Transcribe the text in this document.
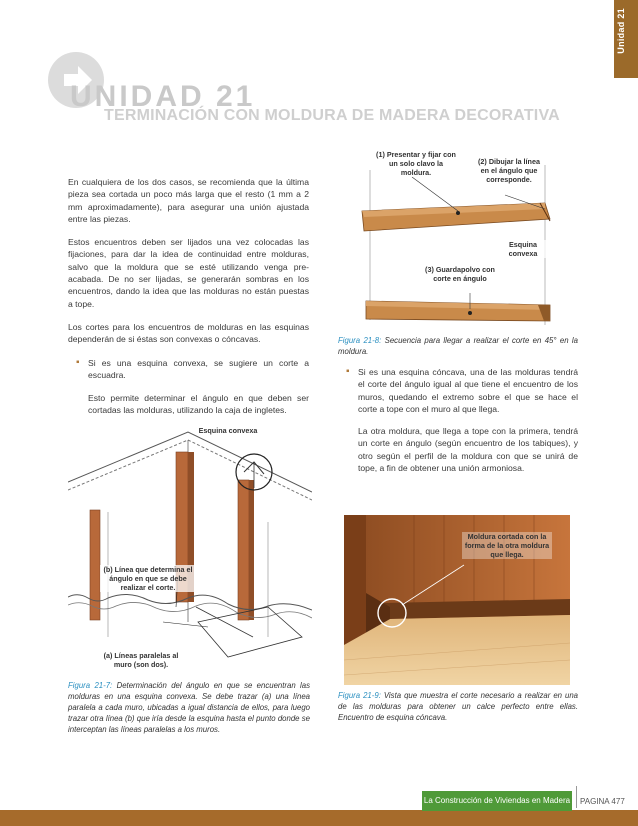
Unidad 21
UNIDAD 21
TERMINACIÓN CON MOLDURA DE MADERA DECORATIVA

En cualquiera de los dos casos, se recomienda que la última pieza sea cortada un poco más larga que el resto (1 mm a 2 mm aproximadamente), para asegurar una unión ajustada entre las piezas.

Estos encuentros deben ser lijados una vez colocadas las fijaciones, para dar la idea de continuidad entre molduras, salvo que la moldura que se esté utilizando venga pre-acabada. De no ser lijadas, se generarán sombras en los encuentros, dando la idea que las molduras no están puestas a tope.

Los cortes para los encuentros de molduras en las esquinas dependerán de si éstas son convexas o cóncavas.

▪ Si es una esquina convexa, se sugiere un corte a escuadra.

Esto permite determinar el ángulo en que deben ser cortadas las molduras, utilizando la caja de ingletes.

Esquina convexa
(b) Línea que determina el ángulo en que se debe realizar el corte.
(a) Líneas paralelas al muro (son dos).
Figura 21-7: Determinación del ángulo en que se encuentran las molduras en una esquina convexa. Se debe trazar (a) una línea paralela a cada muro, ubicadas a igual distancia de ellos, para luego trazar otra línea (b) que iría desde la esquina hasta el punto donde se interceptan las líneas paralelas a los muros.
(1) Presentar y fijar con un solo clavo la moldura.
(2) Dibujar la línea en el ángulo que corresponde.
Esquina convexa
(3) Guardapolvo con corte en ángulo
Figura 21-8: Secuencia para llegar a realizar el corte en 45° en la moldura.

▪ Si es una esquina cóncava, una de las molduras tendrá el corte del ángulo igual al que tiene el encuentro de los muros, quedando el extremo sobre el que se hace el corte a tope con el muro al que llega.

La otra moldura, que llega a tope con la primera, tendrá un corte en ángulo (según encuentro de los tabiques), y otro según el perfil de la moldura con que se unirá de tope, a fin de obtener una unión armoniosa.

Moldura cortada con la forma de la otra moldura que llega.
Figura 21-9: Vista que muestra el corte necesario a realizar en una de las molduras para obtener un calce perfecto entre ellas. Encuentro de esquina cóncava.
La Construcción de Viviendas en Madera PAGINA 477
